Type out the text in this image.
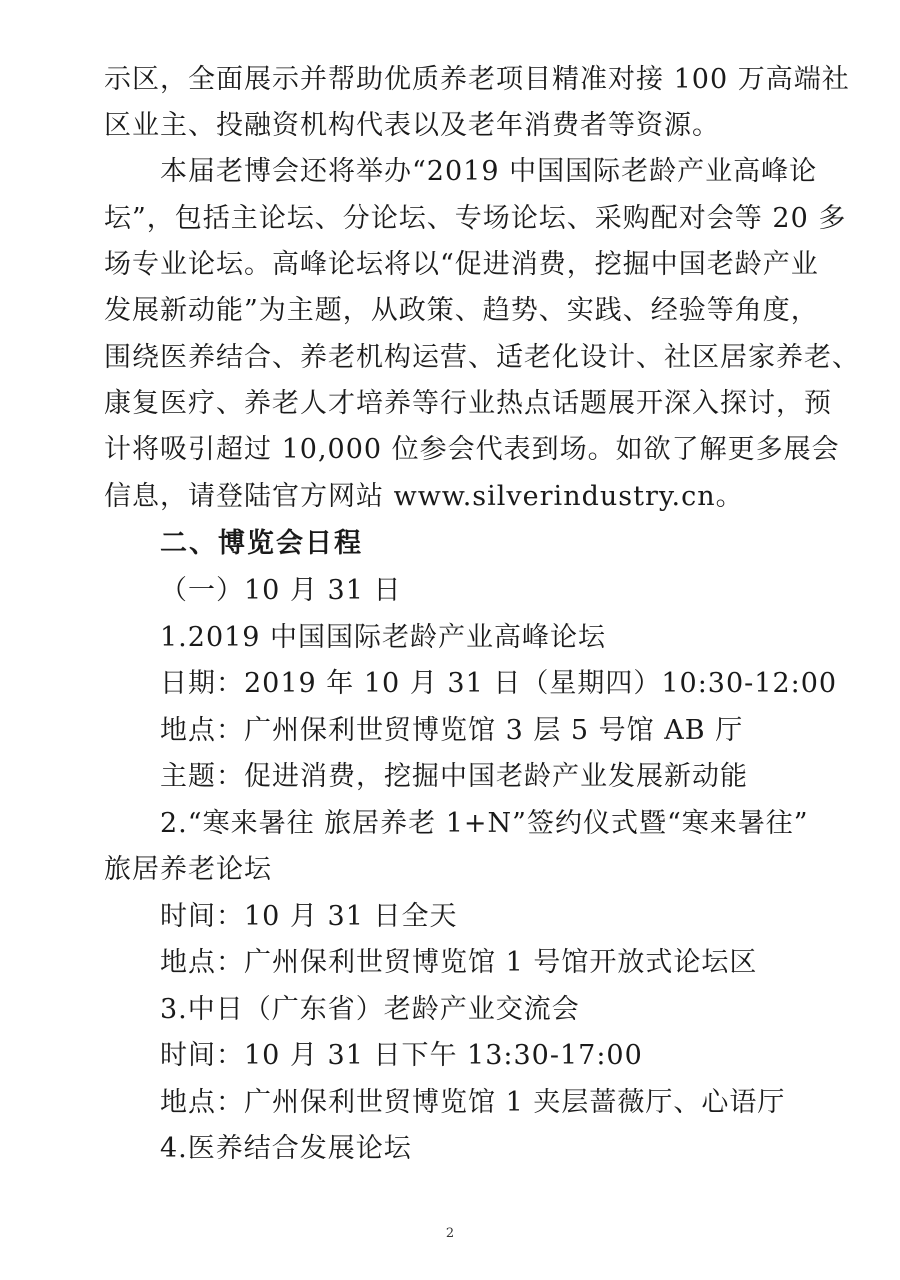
示区，全面展示并帮助优质养老项目精准对接 100 万高端社
区业主、投融资机构代表以及老年消费者等资源。
本届老博会还将举办“2019 中国国际老龄产业高峰论
坛”，包括主论坛、分论坛、专场论坛、采购配对会等 20 多
场专业论坛。高峰论坛将以“促进消费，挖掘中国老龄产业
发展新动能”为主题，从政策、趋势、实践、经验等角度，
围绕医养结合、养老机构运营、适老化设计、社区居家养老、
康复医疗、养老人才培养等行业热点话题展开深入探讨，预
计将吸引超过 10,000 位参会代表到场。如欲了解更多展会
信息，请登陆官方网站 www.silverindustry.cn。
二、博览会日程
（一）10 月 31 日
1.2019 中国国际老龄产业高峰论坛
日期：2019 年 10 月 31 日（星期四）10:30-12:00
地点：广州保利世贸博览馆 3 层 5 号馆 AB 厅
主题：促进消费，挖掘中国老龄产业发展新动能
2.“寒来暑往 旅居养老 1+N”签约仪式暨“寒来暑往”
旅居养老论坛
时间：10 月 31 日全天
地点：广州保利世贸博览馆 1 号馆开放式论坛区
3.中日（广东省）老龄产业交流会
时间：10 月 31 日下午 13:30-17:00
地点：广州保利世贸博览馆 1 夹层蔷薇厅、心语厅
4.医养结合发展论坛
2
